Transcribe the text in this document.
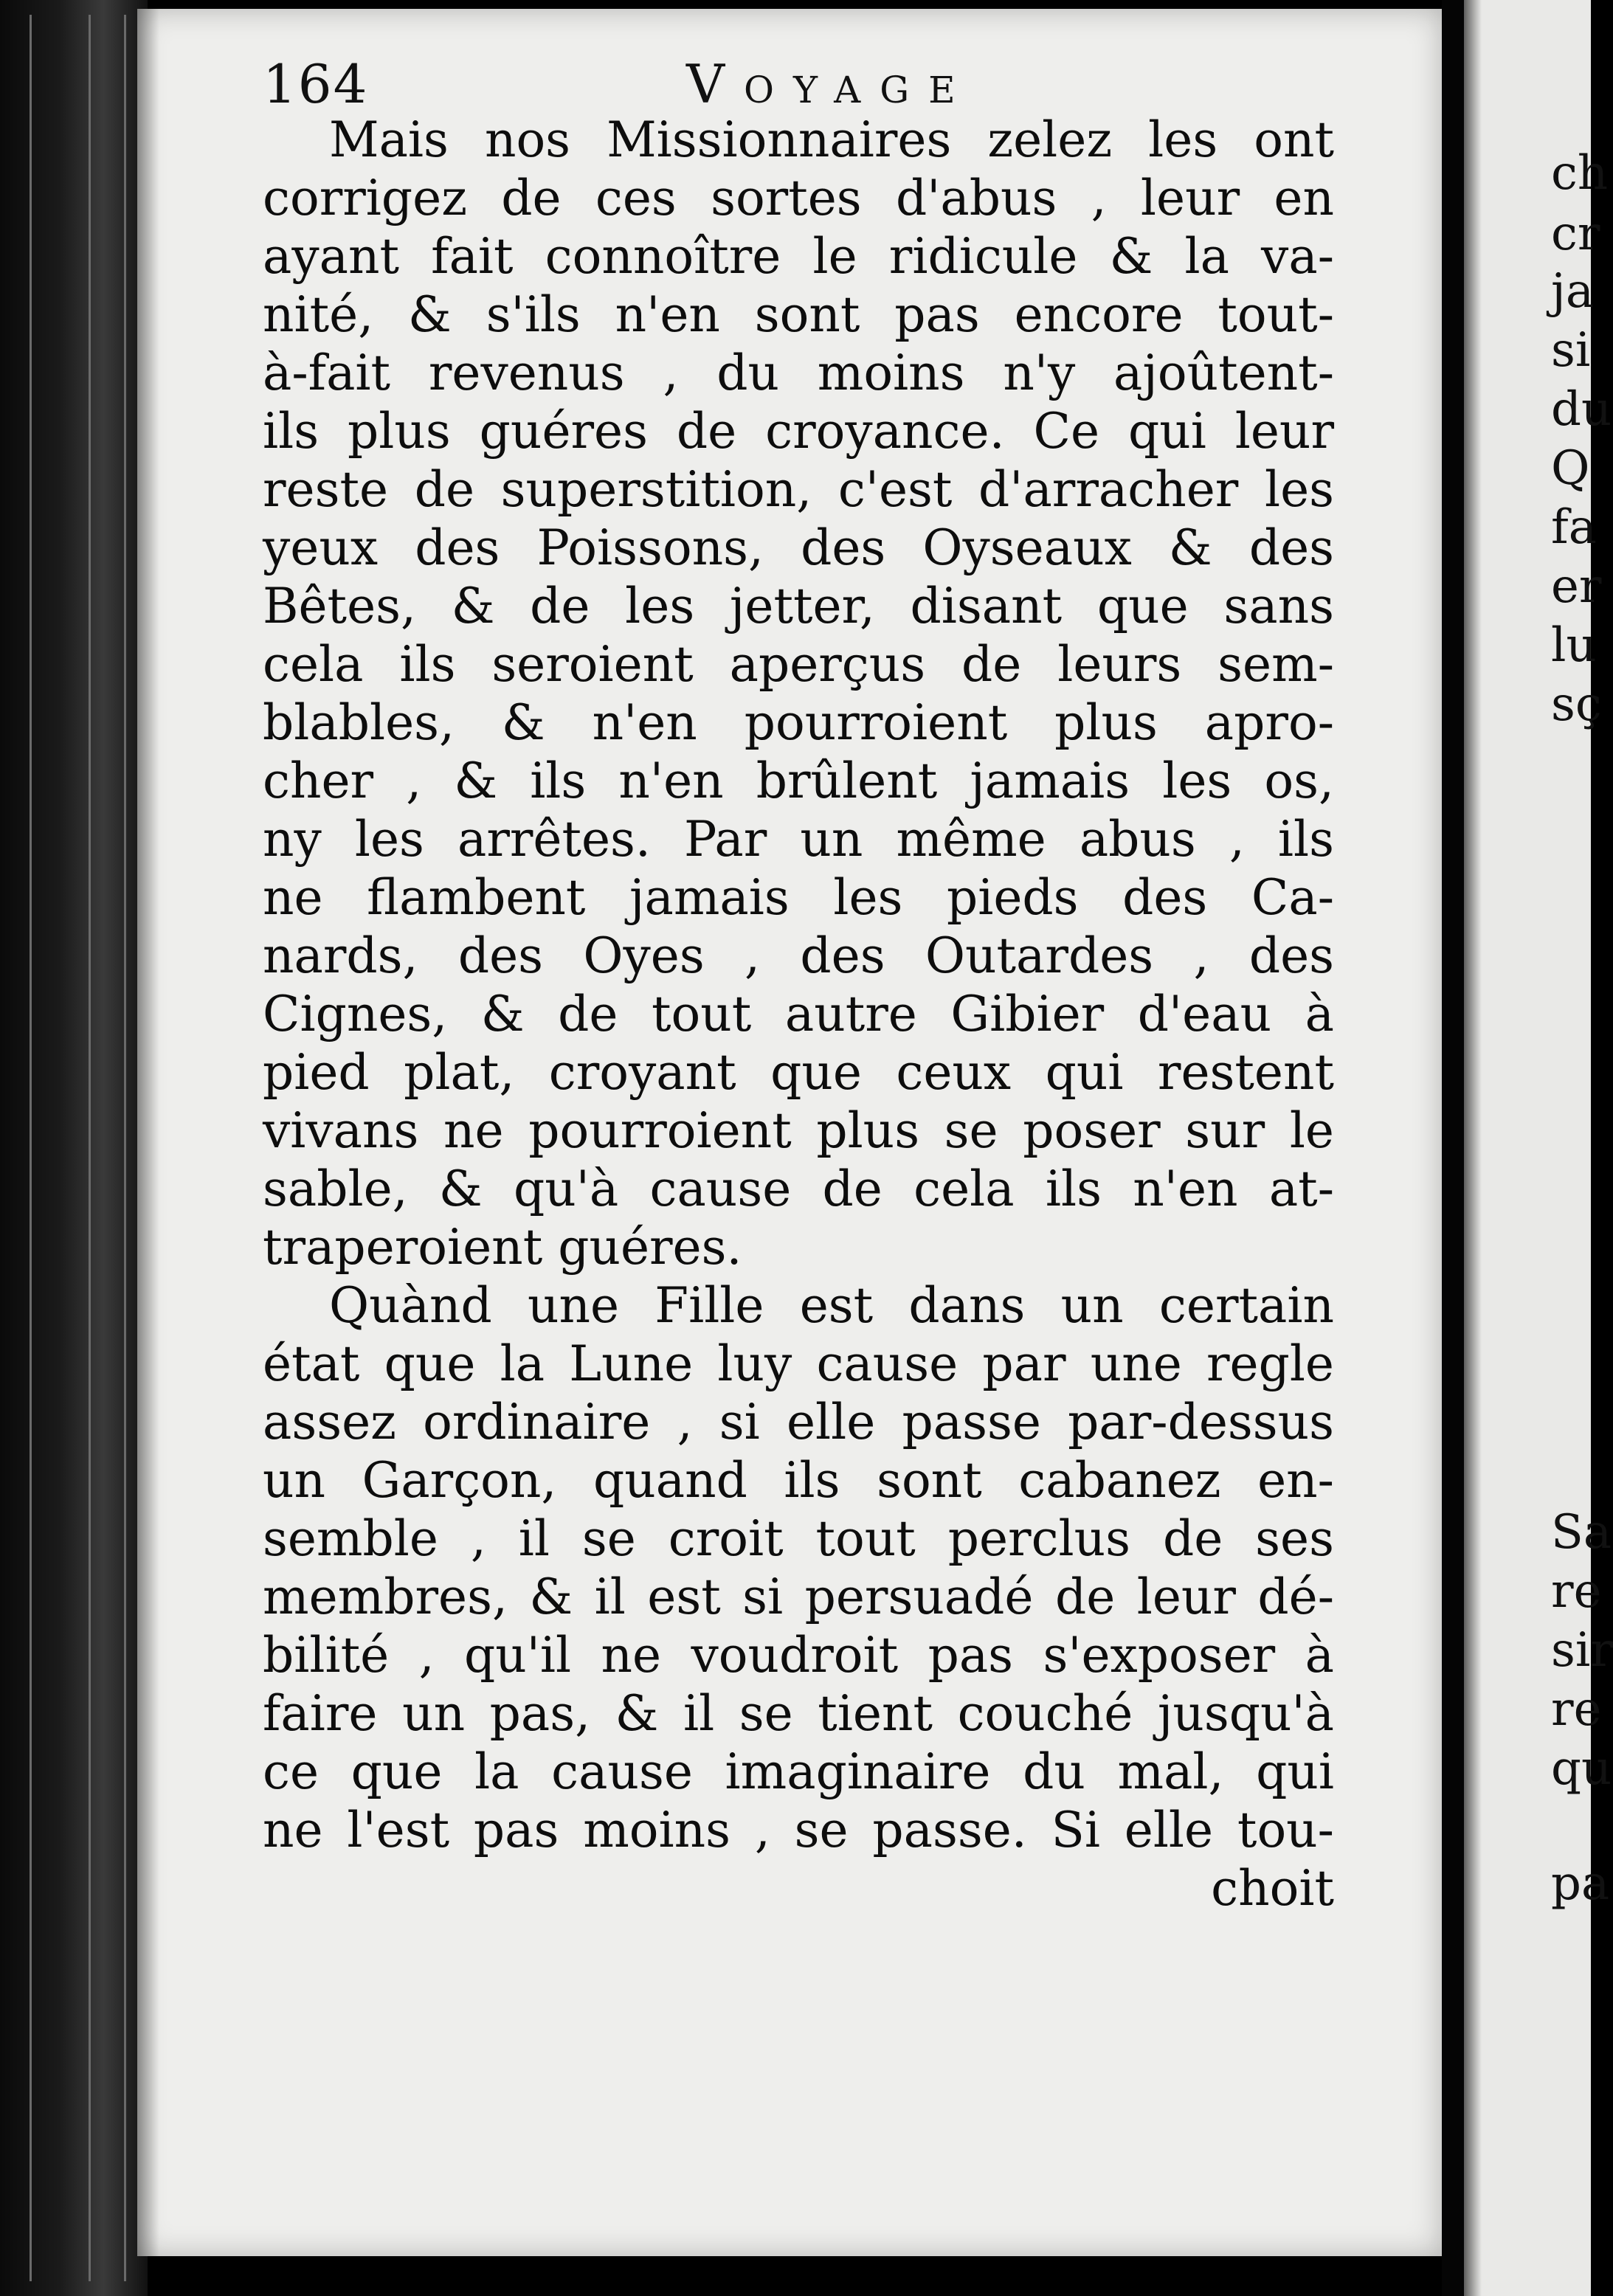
164	Voyage
Mais nos Missionnaires zelez les ont
corrigez de ces sortes d'abus , leur en
ayant fait connoître le ridicule & la va-
nité, & s'ils n'en sont pas encore tout-
à-fait revenus , du moins n'y ajoûtent-
ils plus guéres de croyance. Ce qui leur
reste de superstition, c'est d'arracher les
yeux des Poissons, des Oyseaux & des
Bêtes, & de les jetter, disant que sans
cela ils seroient aperçus de leurs sem-
blables, & n'en pourroient plus apro-
cher , & ils n'en brûlent jamais les os,
ny les arrêtes. Par un même abus , ils
ne flambent jamais les pieds des Ca-
nards, des Oyes , des Outardes , des
Cignes, & de tout autre Gibier d'eau à
pied plat, croyant que ceux qui restent
vivans ne pourroient plus se poser sur le
sable, & qu'à cause de cela ils n'en at-
traperoient guéres.
Quànd une Fille est dans un certain
état que la Lune luy cause par une regle
assez ordinaire , si elle passe par-dessus
un Garçon, quand ils sont cabanez en-
semble , il se croit tout perclus de ses
membres, & il est si persuadé de leur dé-
bilité , qu'il ne voudroit pas s'exposer à
faire un pas, & il se tient couché jusqu'à
ce que la cause imaginaire du mal, qui
ne l'est pas moins , se passe. Si elle tou-
choit
ch
cr
ja
si
du
Q
fa
er
lu
sç
Sa
re
sir
re
qu
pa
